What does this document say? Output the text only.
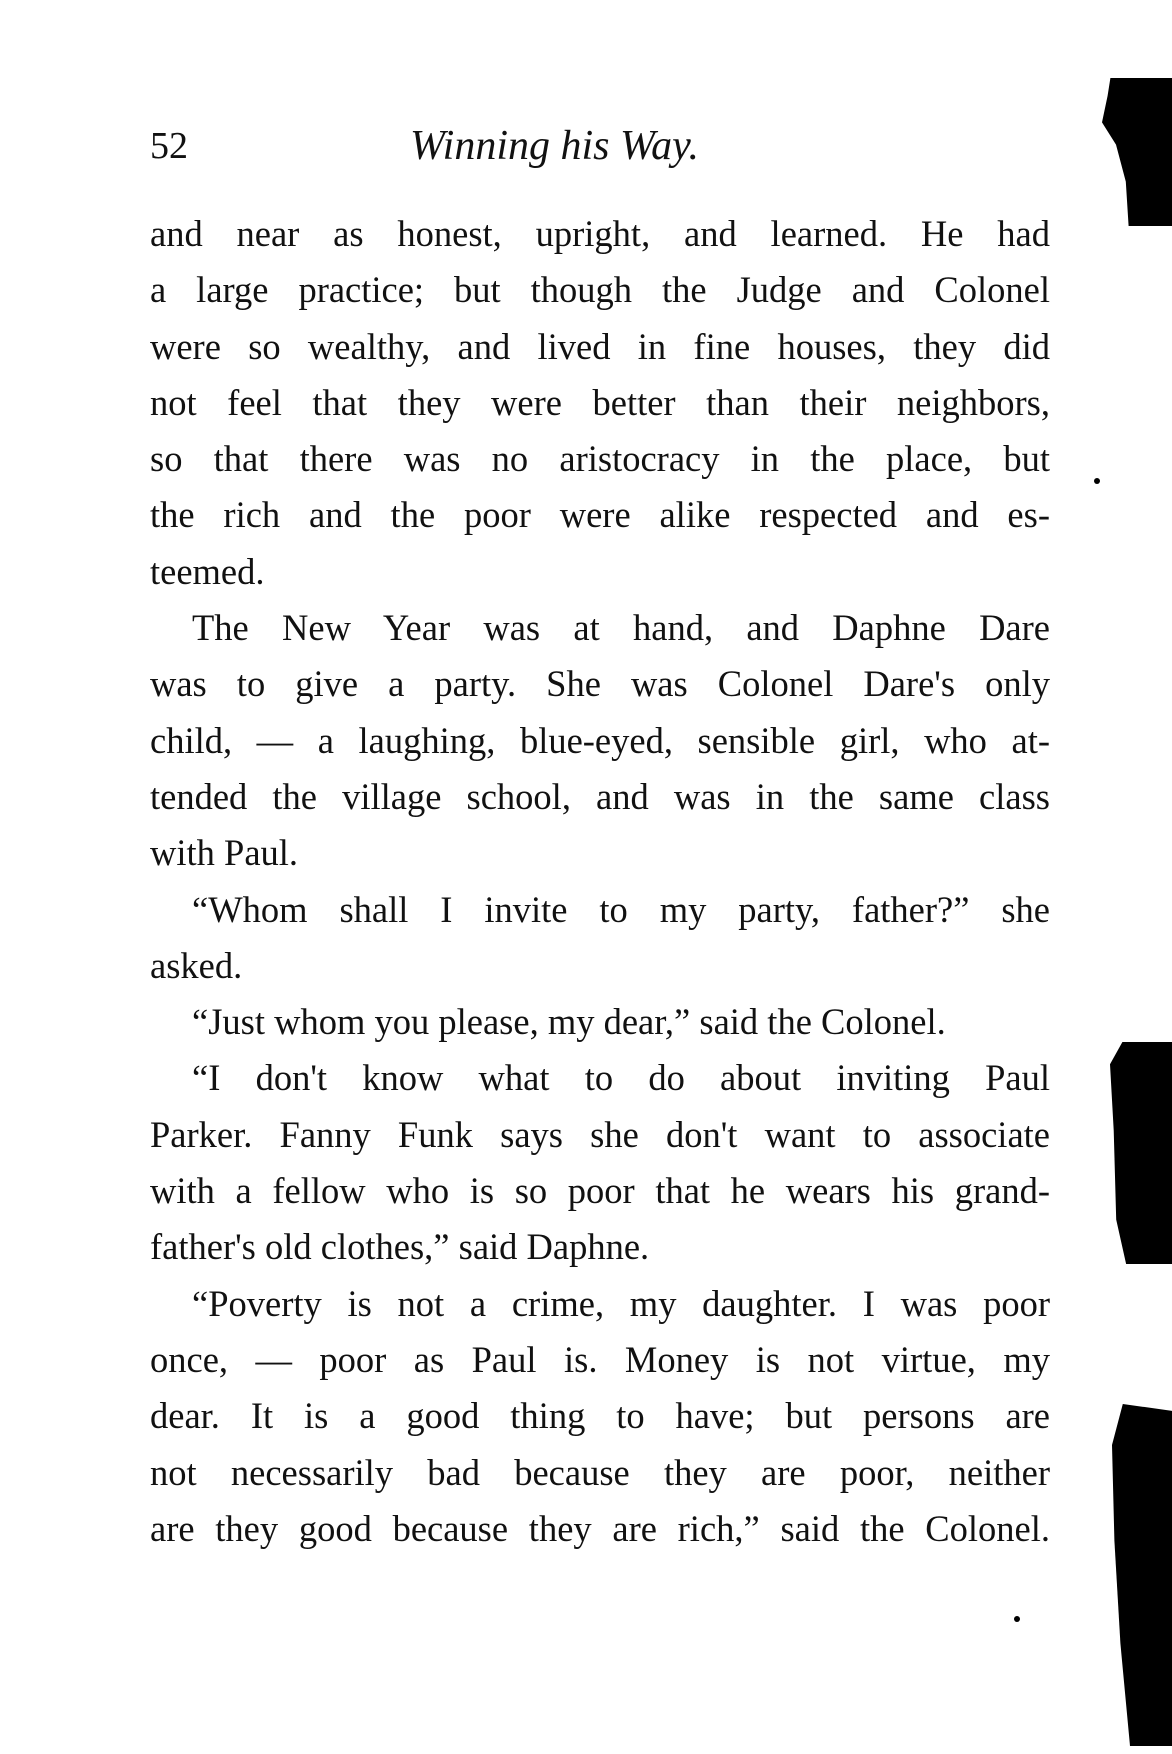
52	Winning his Way.
and near as honest, upright, and learned. He had
a large practice; but though the Judge and Colonel
were so wealthy, and lived in fine houses, they did
not feel that they were better than their neighbors,
so that there was no aristocracy in the place, but
the rich and the poor were alike respected and es-
teemed.
The New Year was at hand, and Daphne Dare
was to give a party. She was Colonel Dare's only
child, — a laughing, blue-eyed, sensible girl, who at-
tended the village school, and was in the same class
with Paul.
“Whom shall I invite to my party, father?” she
asked.
“Just whom you please, my dear,” said the Colonel.
“I don't know what to do about inviting Paul
Parker. Fanny Funk says she don't want to associate
with a fellow who is so poor that he wears his grand-
father's old clothes,” said Daphne.
“Poverty is not a crime, my daughter. I was poor
once, — poor as Paul is. Money is not virtue, my
dear. It is a good thing to have; but persons are
not necessarily bad because they are poor, neither
are they good because they are rich,” said the Colonel.
